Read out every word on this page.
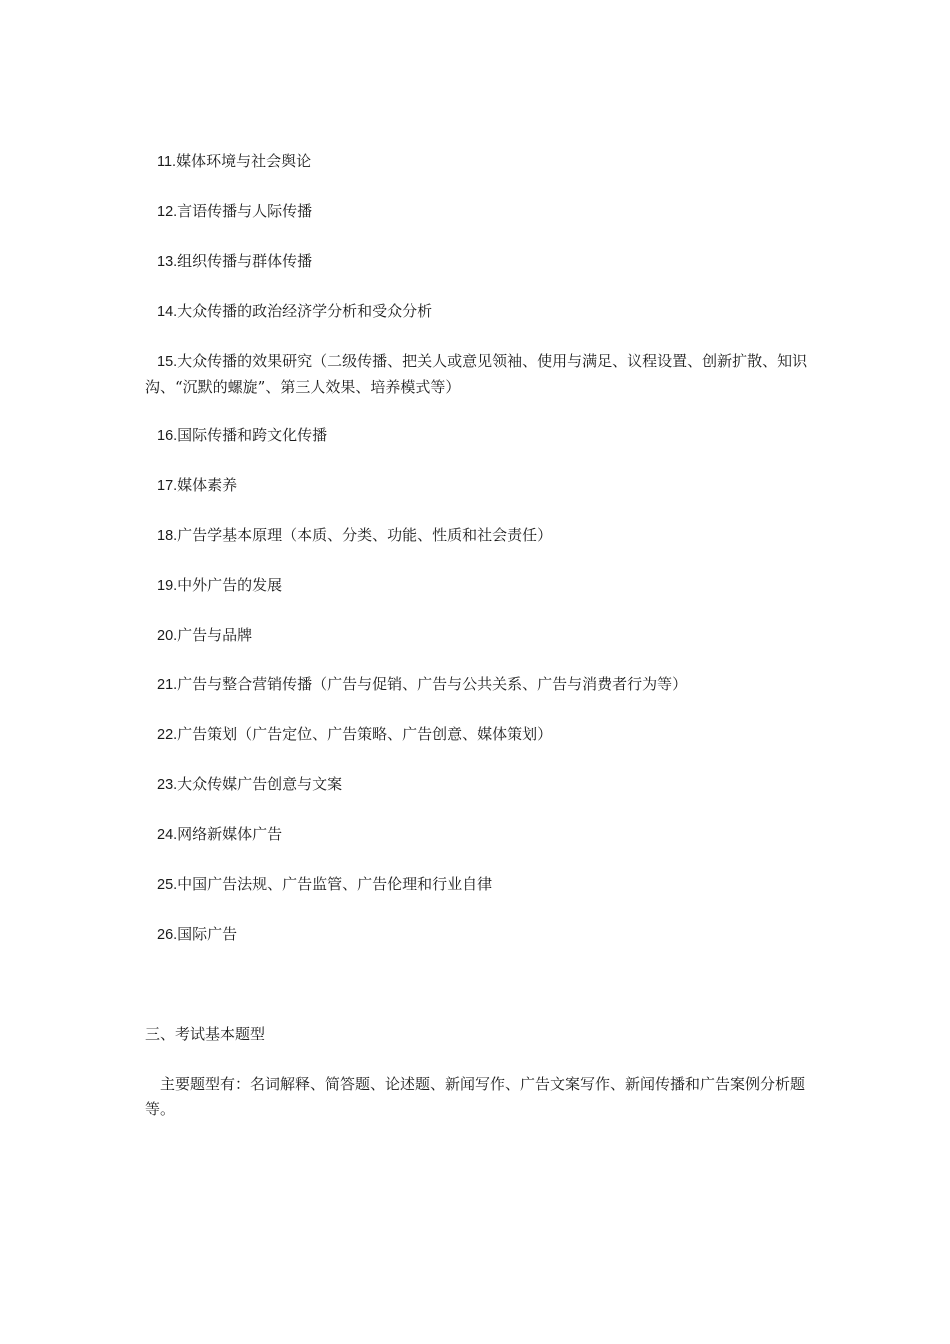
11.媒体环境与社会舆论
12.言语传播与人际传播
13.组织传播与群体传播
14.大众传播的政治经济学分析和受众分析
15.大众传播的效果研究（二级传播、把关人或意见领袖、使用与满足、议程设置、创新扩散、知识沟、“沉默的螺旋”、第三人效果、培养模式等）
16.国际传播和跨文化传播
17.媒体素养
18.广告学基本原理（本质、分类、功能、性质和社会责任）
19.中外广告的发展
20.广告与品牌
21.广告与整合营销传播（广告与促销、广告与公共关系、广告与消费者行为等）
22.广告策划（广告定位、广告策略、广告创意、媒体策划）
23.大众传媒广告创意与文案
24.网络新媒体广告
25.中国广告法规、广告监管、广告伦理和行业自律
26.国际广告
三、考试基本题型
主要题型有：名词解释、简答题、论述题、新闻写作、广告文案写作、新闻传播和广告案例分析题等。
